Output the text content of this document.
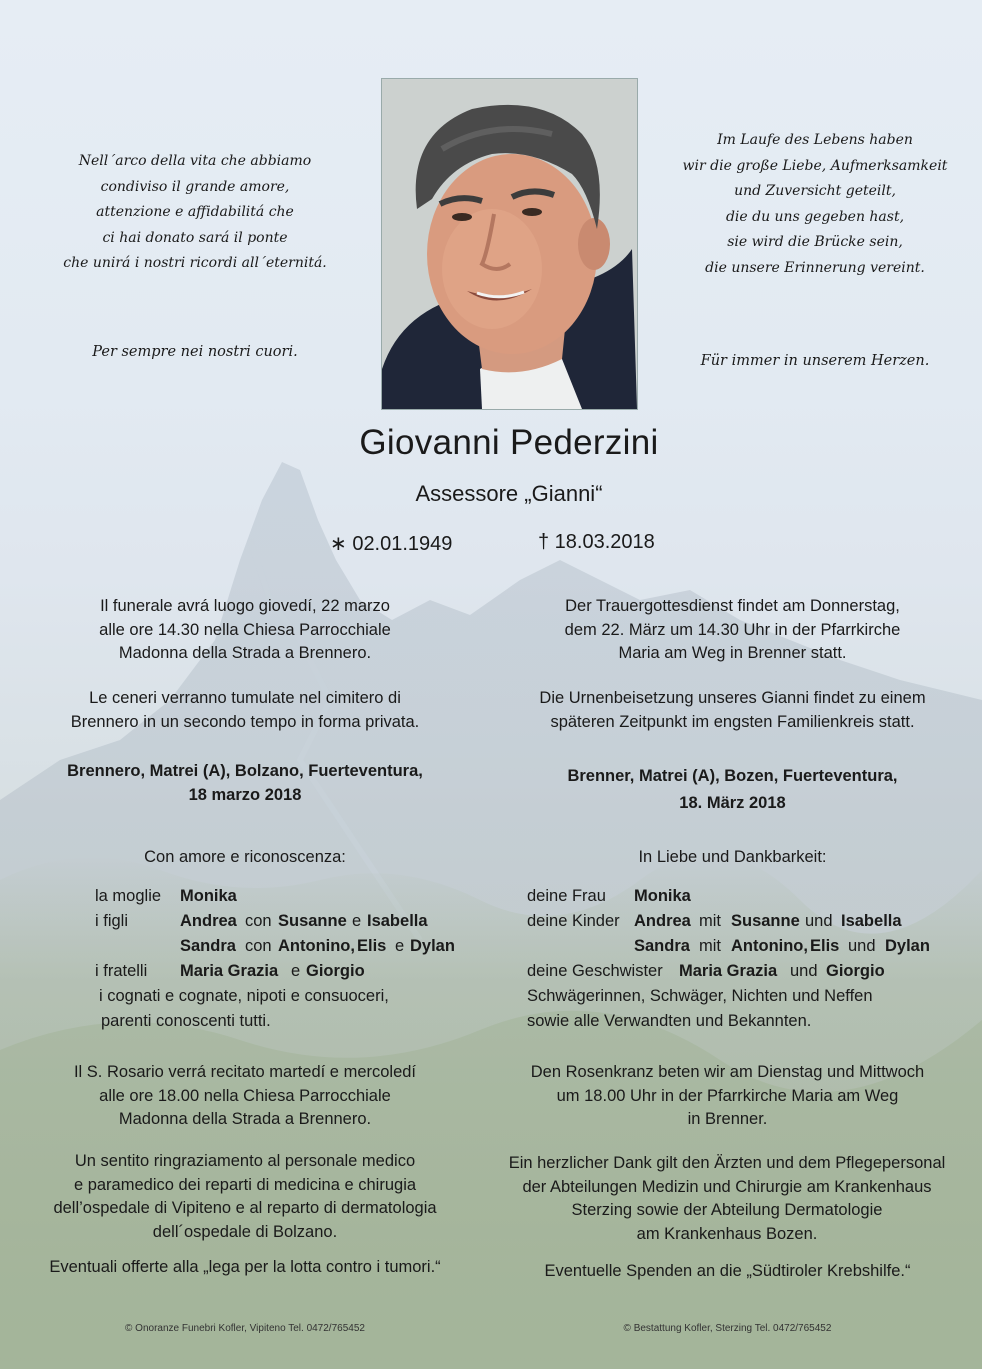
Nell´arco della vita che abbiamo

condiviso il grande amore,

attenzione e affidabilitá che

ci hai donato sará il ponte

che unirá i nostri ricordi all´eternitá.

Per sempre nei nostri cuori.

Im Laufe des Lebens haben

wir die große Liebe, Aufmerksamkeit

und Zuversicht geteilt,

die du uns gegeben hast,

sie wird die Brücke sein,

die unsere Erinnerung vereint.

Für immer in unserem Herzen.
Giovanni Pederzini
Assessore „Gianni“
∗ 02.01.1949	† 18.03.2018

Il funerale avrá luogo giovedí, 22 marzo

alle ore 14.30 nella Chiesa Parrocchiale

Madonna della Strada a Brennero.

Le ceneri verranno tumulate nel cimitero di

Brennero in un secondo tempo in forma privata.

Brennero, Matrei (A), Bolzano, Fuerteventura,

18 marzo 2018

Con amore e riconoscenza:
la moglie Monika
i figli	Andrea con Susanne e Isabella
Sandra con Antonino, Elis e Dylan
i fratelli Maria Grazia e Giorgio
i cognati e cognate, nipoti e consuoceri,
parenti conoscenti tutti.

Il S. Rosario verrá recitato martedí e mercoledí

alle ore 18.00 nella Chiesa Parrocchiale

Madonna della Strada a Brennero.

Un sentito ringraziamento al personale medico

e paramedico dei reparti di medicina e chirugia

dell’ospedale di Vipiteno e al reparto di dermatologia

dell´ospedale di Bolzano.

Eventuali offerte alla „lega per la lotta contro i tumori.“
© Onoranze Funebri Kofler, Vipiteno Tel. 0472/765452

Der Trauergottesdienst findet am Donnerstag,

dem 22. März um 14.30 Uhr in der Pfarrkirche

Maria am Weg in Brenner statt.

Die Urnenbeisetzung unseres Gianni findet zu einem

späteren Zeitpunkt im engsten Familienkreis statt.

Brenner, Matrei (A), Bozen, Fuerteventura,

18. März 2018

In Liebe und Dankbarkeit:
deine Frau Monika
deine Kinder Andrea mit Susanne und Isabella
Sandra mit Antonino, Elis und Dylan
deine Geschwister Maria Grazia und Giorgio
Schwägerinnen, Schwäger, Nichten und Neffen
sowie alle Verwandten und Bekannten.

Den Rosenkranz beten wir am Dienstag und Mittwoch

um 18.00 Uhr in der Pfarrkirche Maria am Weg

in Brenner.

Ein herzlicher Dank gilt den Ärzten und dem Pflegepersonal

der Abteilungen Medizin und Chirurgie am Krankenhaus

Sterzing sowie der Abteilung Dermatologie

am Krankenhaus Bozen.

Eventuelle Spenden an die „Südtiroler Krebshilfe.“
© Bestattung Kofler, Sterzing Tel. 0472/765452
